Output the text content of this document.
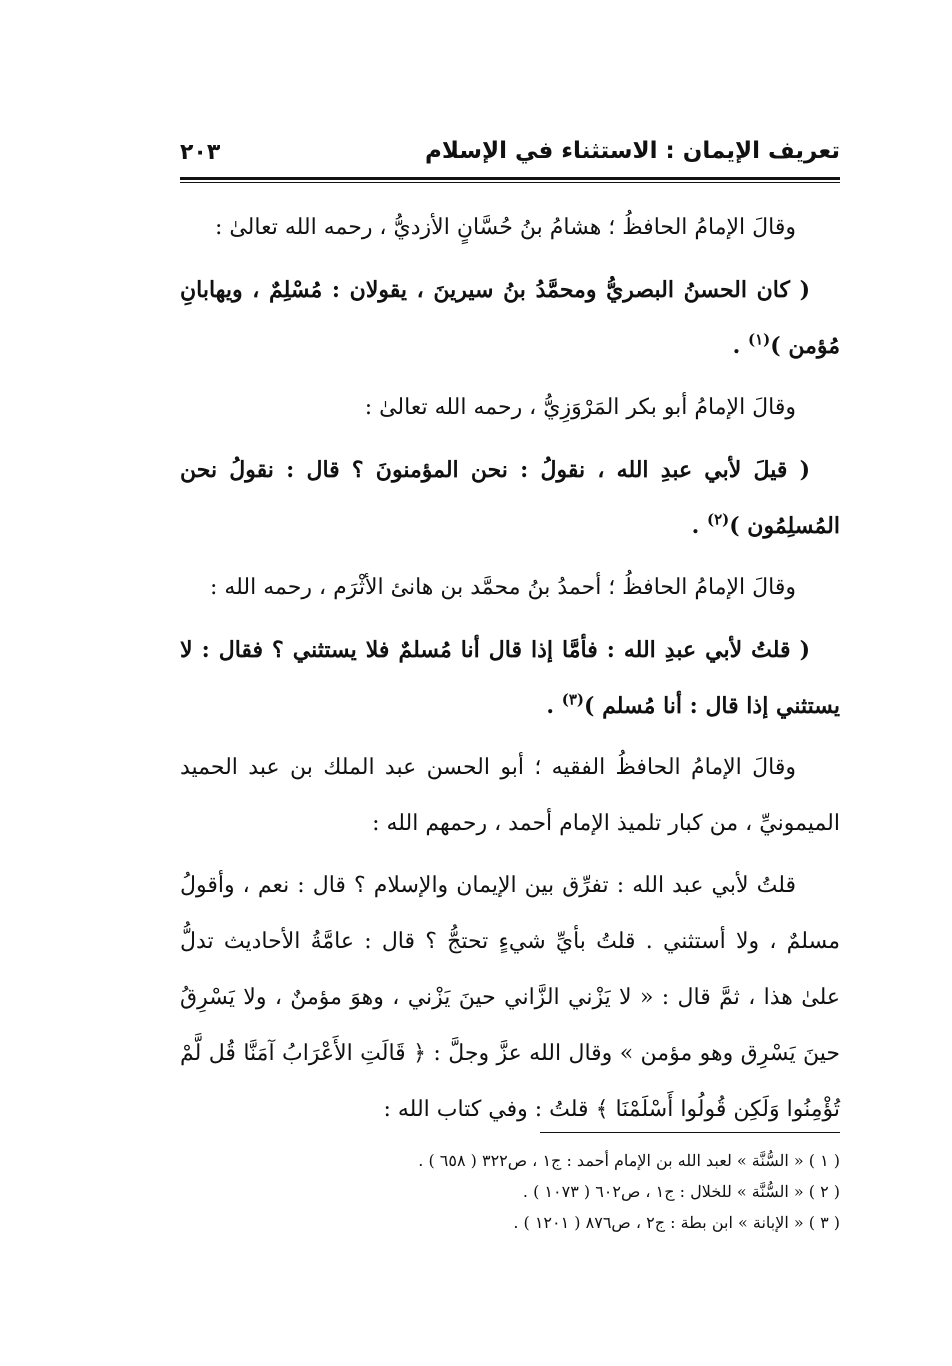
تعريف الإيمان : الاستثناء في الإسلام
٢٠٣

وقالَ الإمامُ الحافظُ ؛ هشامُ بنُ حُسَّانٍ الأزديُّ ، رحمه الله تعالىٰ :

( كان الحسنُ البصريُّ ومحمَّدُ بنُ سيرينَ ، يقولان : مُسْلِمٌ ، ويهابانِ مُؤمن )$^{(١)}$ .

وقالَ الإمامُ أبو بكر المَرْوَزِيُّ ، رحمه الله تعالىٰ :

( قيلَ لأبي عبدِ الله ، نقولُ : نحن المؤمنونَ ؟ قال : نقولُ نحن المُسلِمُون )$^{(٢)}$ .

وقالَ الإمامُ الحافظُ ؛ أحمدُ بنُ محمَّد بن هانئ الأثْرَم ، رحمه الله :

( قلتُ لأبي عبدِ الله : فأمَّا إذا قال أنا مُسلمٌ فلا يستثني ؟ فقال : لا يستثني إذا قال : أنا مُسلم )$^{(٣)}$ .

وقالَ الإمامُ الحافظُ الفقيه ؛ أبو الحسن عبد الملك بن عبد الحميد الميمونيِّ ، من كبار تلميذ الإمام أحمد ، رحمهم الله :

قلتُ لأبي عبد الله : تفرِّق بين الإيمان والإسلام ؟ قال : نعم ، وأقولُ مسلمٌ ، ولا أستثني . قلتُ بأيِّ شيءٍ تحتجُّ ؟ قال : عامَّةُ الأحاديث تدلُّ علىٰ هذا ، ثمَّ قال : « لا يَزْني الزَّاني حينَ يَزْني ، وهوَ مؤمنٌ ، ولا يَسْرِقُ حينَ يَسْرِق وهو مؤمن » وقال الله عزَّ وجلَّ : ﴿ قَالَتِ الأَعْرَابُ آمَنَّا قُل لَّمْ تُؤْمِنُوا وَلَكِن قُولُوا أَسْلَمْنَا ﴾ قلتُ : وفي كتاب الله :

( ١ ) « السُّنَّة » لعبد الله بن الإمام أحمد : ج١ ، ص٣٢٢ ( ٦٥٨ ) .
( ٢ ) « السُّنَّة » للخلال : ج١ ، ص٦٠٢ ( ١٠٧٣ ) .
( ٣ ) « الإبانة » ابن بطة : ج٢ ، ص٨٧٦ ( ١٢٠١ ) .
